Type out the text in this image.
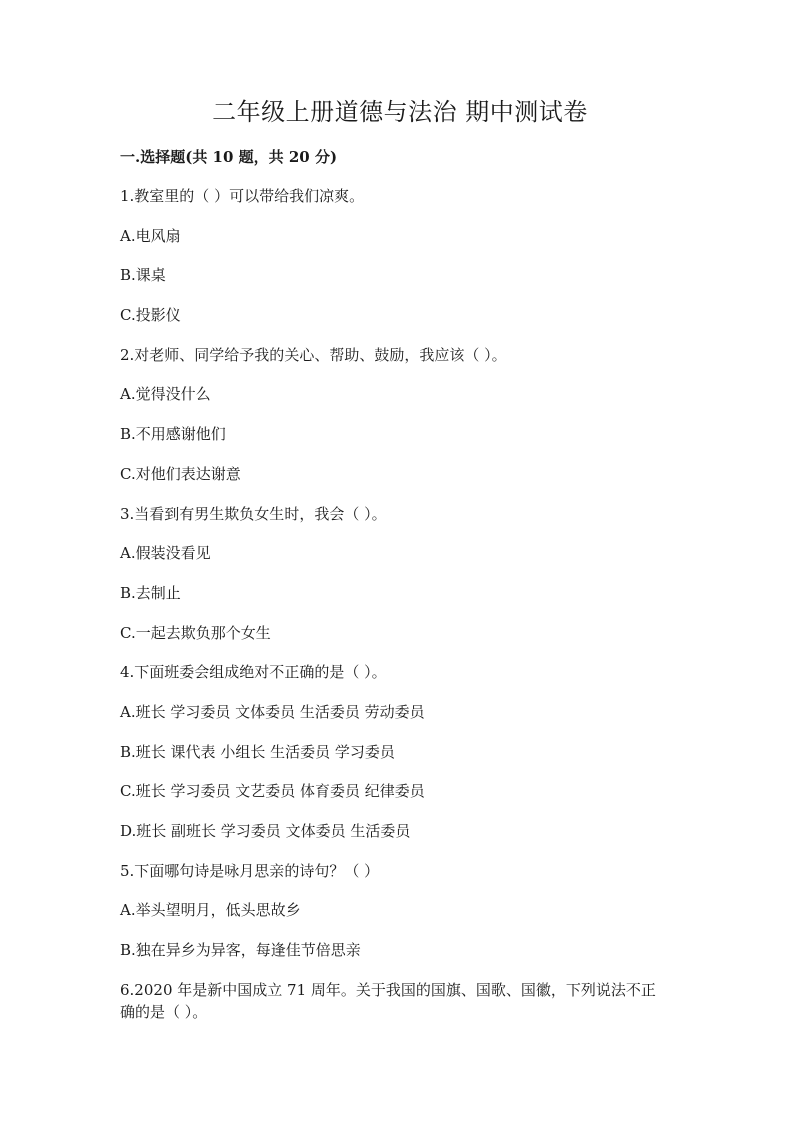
二年级上册道德与法治 期中测试卷
一.选择题(共 10 题，共 20 分)

1.教室里的（ ）可以带给我们凉爽。

A.电风扇

B.课桌

C.投影仪

2.对老师、同学给予我的关心、帮助、鼓励，我应该（ ）。

A.觉得没什么

B.不用感谢他们

C.对他们表达谢意

3.当看到有男生欺负女生时，我会（ ）。

A.假装没看见

B.去制止

C.一起去欺负那个女生

4.下面班委会组成绝对不正确的是（ ）。

A.班长 学习委员 文体委员 生活委员 劳动委员

B.班长 课代表 小组长 生活委员 学习委员

C.班长 学习委员 文艺委员 体育委员 纪律委员

D.班长 副班长 学习委员 文体委员 生活委员

5.下面哪句诗是咏月思亲的诗句？（ ）

A.举头望明月，低头思故乡

B.独在异乡为异客，每逢佳节倍思亲

6.2020 年是新中国成立 71 周年。关于我国的国旗、国歌、国徽，下列说法不正确的是（ ）。
